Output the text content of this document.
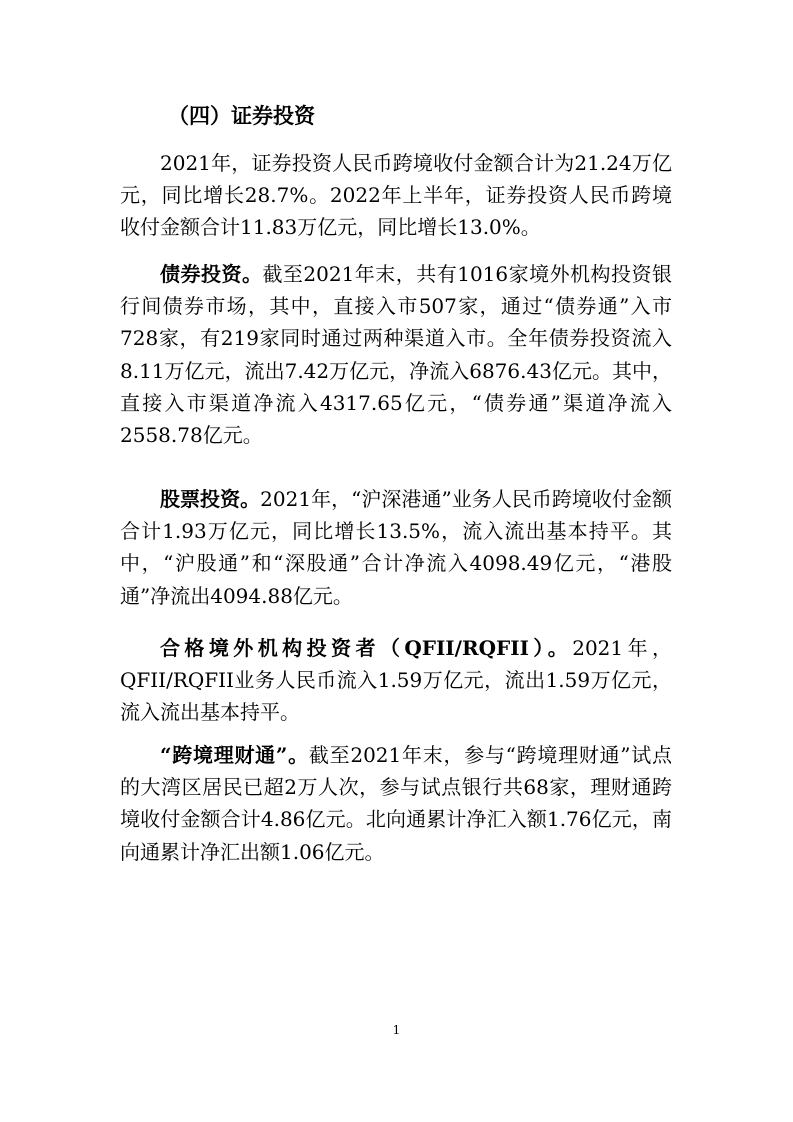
（四）证券投资

2021年，证券投资人民币跨境收付金额合计为21.24万亿元，同比增长28.7%。2022年上半年，证券投资人民币跨境收付金额合计11.83万亿元，同比增长13.0%。

债券投资。截至2021年末，共有1016家境外机构投资银行间债券市场，其中，直接入市507家，通过“债券通”入市728家，有219家同时通过两种渠道入市。全年债券投资流入8.11万亿元，流出7.42万亿元，净流入6876.43亿元。其中，直接入市渠道净流入4317.65亿元，“债券通”渠道净流入2558.78亿元。

股票投资。2021年，“沪深港通”业务人民币跨境收付金额合计1.93万亿元，同比增长13.5%，流入流出基本持平。其中，“沪股通”和“深股通”合计净流入4098.49亿元，“港股通”净流出4094.88亿元。

合格境外机构投资者（QFII/RQFII）。2021年，QFII/RQFII业务人民币流入1.59万亿元，流出1.59万亿元，流入流出基本持平。

“跨境理财通”。截至2021年末，参与“跨境理财通”试点的大湾区居民已超2万人次，参与试点银行共68家，理财通跨境收付金额合计4.86亿元。北向通累计净汇入额1.76亿元，南向通累计净汇出额1.06亿元。

1
